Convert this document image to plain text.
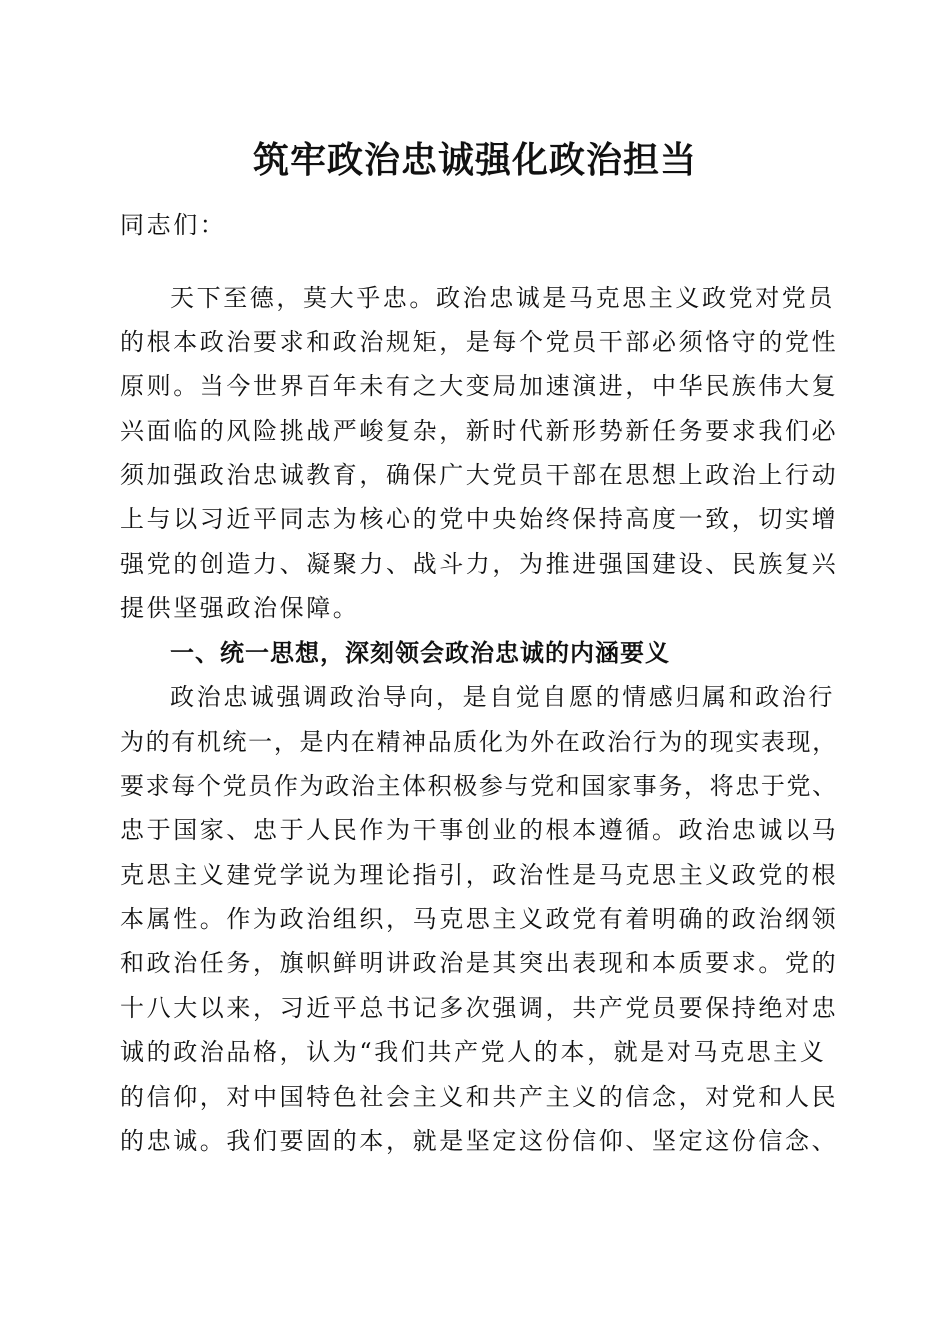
筑牢政治忠诚强化政治担当

同志们：

天下至德，莫大乎忠。政治忠诚是马克思主义政党对党员

的根本政治要求和政治规矩，是每个党员干部必须恪守的党性

原则。当今世界百年未有之大变局加速演进，中华民族伟大复

兴面临的风险挑战严峻复杂，新时代新形势新任务要求我们必

须加强政治忠诚教育，确保广大党员干部在思想上政治上行动

上与以习近平同志为核心的党中央始终保持高度一致，切实增

强党的创造力、凝聚力、战斗力，为推进强国建设、民族复兴

提供坚强政治保障。

一、统一思想，深刻领会政治忠诚的内涵要义

政治忠诚强调政治导向，是自觉自愿的情感归属和政治行

为的有机统一，是内在精神品质化为外在政治行为的现实表现，

要求每个党员作为政治主体积极参与党和国家事务，将忠于党、

忠于国家、忠于人民作为干事创业的根本遵循。政治忠诚以马

克思主义建党学说为理论指引，政治性是马克思主义政党的根

本属性。作为政治组织，马克思主义政党有着明确的政治纲领

和政治任务，旗帜鲜明讲政治是其突出表现和本质要求。党的

十八大以来，习近平总书记多次强调，共产党员要保持绝对忠

诚的政治品格，认为“我们共产党人的本，就是对马克思主义

的信仰，对中国特色社会主义和共产主义的信念，对党和人民

的忠诚。我们要固的本，就是坚定这份信仰、坚定这份信念、
